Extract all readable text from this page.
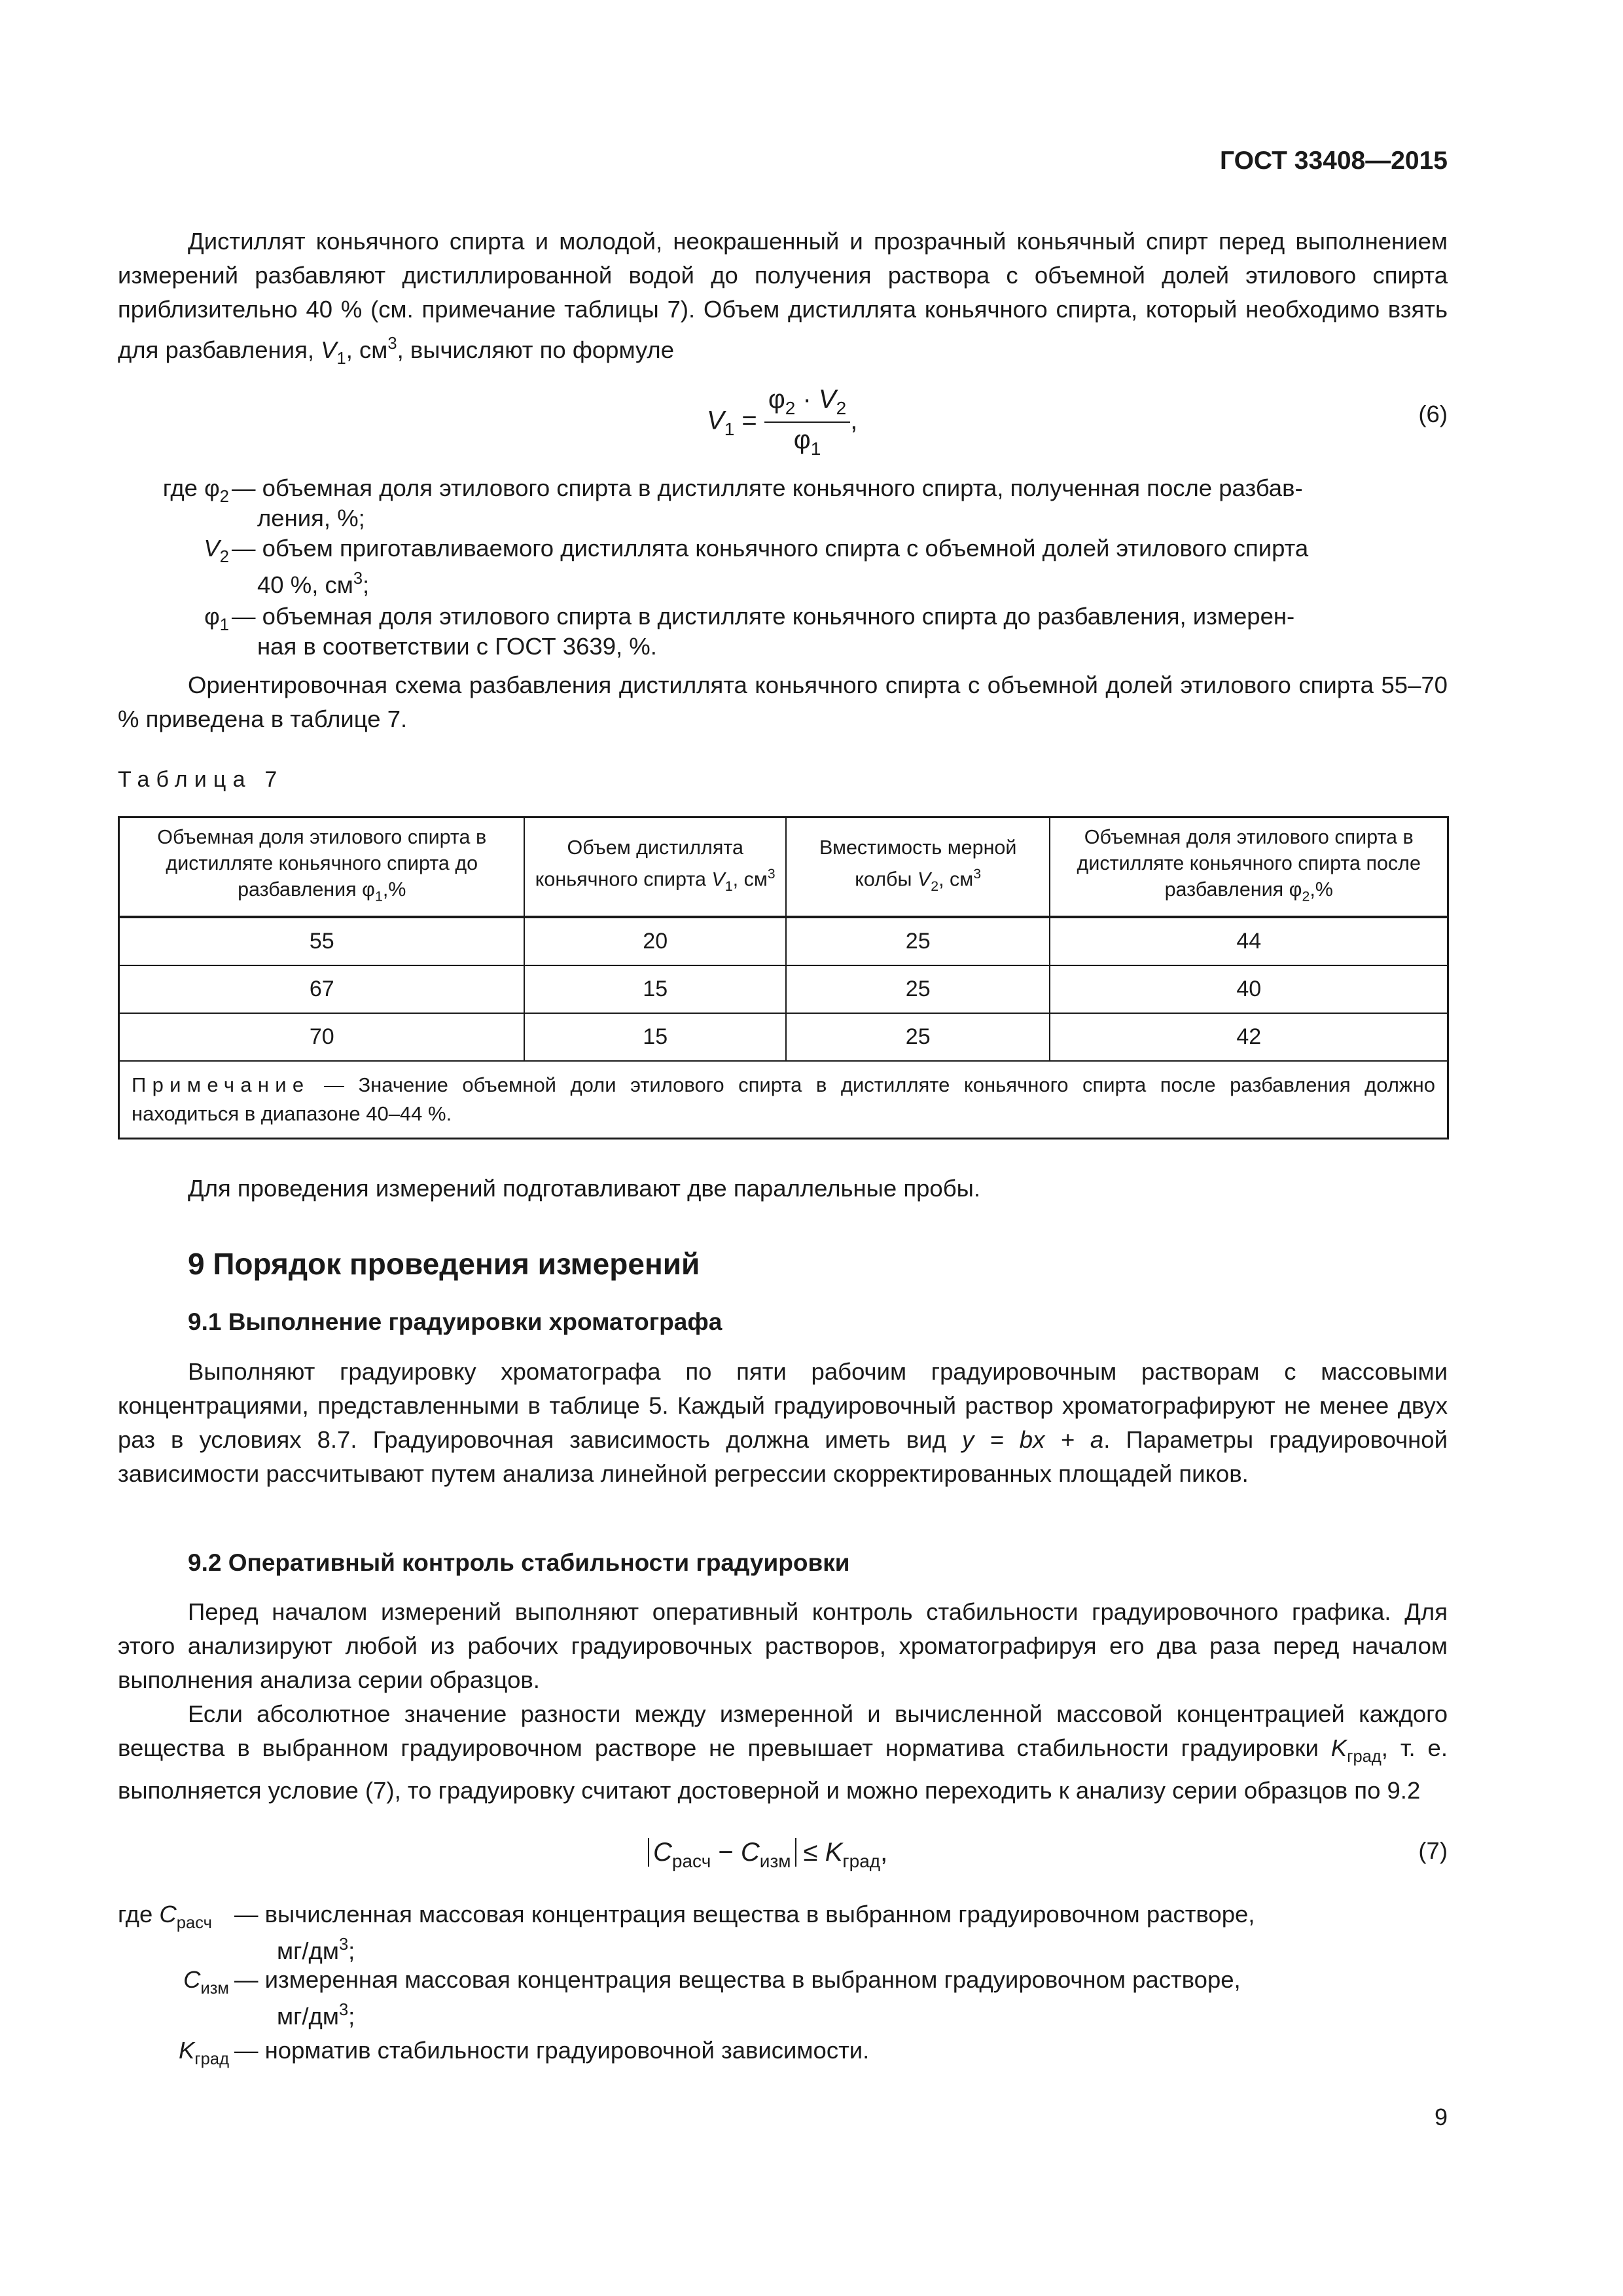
ГОСТ 33408—2015

Дистиллят коньячного спирта и молодой, неокрашенный и прозрачный коньячный спирт перед выполнением измерений разбавляют дистиллированной водой до получения раствора с объемной долей этилового спирта приблизительно 40 % (см. примечание таблицы 7). Объем дистиллята коньячного спирта, который необходимо взять для разбавления, $V_1$, $см^3$, вычисляют по формуле

$V_1 = \frac{\varphi_2 \cdot V_2}{\varphi_1}$ ,	(6)
где $\varphi_2$ — объемная доля этилового спирта в дистилляте коньячного спирта, полученная после разбав-
ления, %;
$V_2$ — объем приготавливаемого дистиллята коньячного спирта с объемной долей этилового спирта
40 %, $см^3$;
$\varphi_1$ — объемная доля этилового спирта в дистилляте коньячного спирта до разбавления, измерен-
ная в соответствии с ГОСТ 3639, %.

Ориентировочная схема разбавления дистиллята коньячного спирта с объемной долей этилового спирта 55–70 % приведена в таблице 7.

Таблица 7
Объемная доля этилового спирта в дистилляте коньячного спирта до разбавления $\varphi_1,\%$	Объем дистиллята коньячного спирта $V_1$, $см^3$	Вместимость мерной колбы $V_2$, $см^3$	Объемная доля этилового спирта в дистилляте коньячного спирта после разбавления $\varphi_2,\%$
55	20	25	44
67	15	25	40
70	15	25	42
Примечание — Значение объемной доли этилового спирта в дистилляте коньячного спирта после разбавления должно находиться в диапазоне 40–44 %.			

Для проведения измерений подготавливают две параллельные пробы.

9 Порядок проведения измерений
9.1 Выполнение градуировки хроматографа

Выполняют градуировку хроматографа по пяти рабочим градуировочным растворам с массовыми концентрациями, представленными в таблице 5. Каждый градуировочный раствор хроматографируют не менее двух раз в условиях 8.7. Градуировочная зависимость должна иметь вид y = bx + a. Параметры градуировочной зависимости рассчитывают путем анализа линейной регрессии скорректированных площадей пиков.

9.2 Оперативный контроль стабильности градуировки

Перед началом измерений выполняют оперативный контроль стабильности градуировочного графика. Для этого анализируют любой из рабочих градуировочных растворов, хроматографируя его два раза перед началом выполнения анализа серии образцов.

Если абсолютное значение разности между измеренной и вычисленной массовой концентрацией каждого вещества в выбранном градуировочном растворе не превышает норматива стабильности градуировки $K_{град}$, т. е. выполняется условие (7), то градуировку считают достоверной и можно переходить к анализу серии образцов по 9.2

$C_{расч} - C_{изм} \le K_{град}$,	(7)
где $C_{расч}$ — вычисленная массовая концентрация вещества в выбранном градуировочном растворе,
$мг/дм^3$;
$C_{изм}$ — измеренная массовая концентрация вещества в выбранном градуировочном растворе,
$мг/дм^3$;
$K_{град}$ — норматив стабильности градуировочной зависимости.
9
